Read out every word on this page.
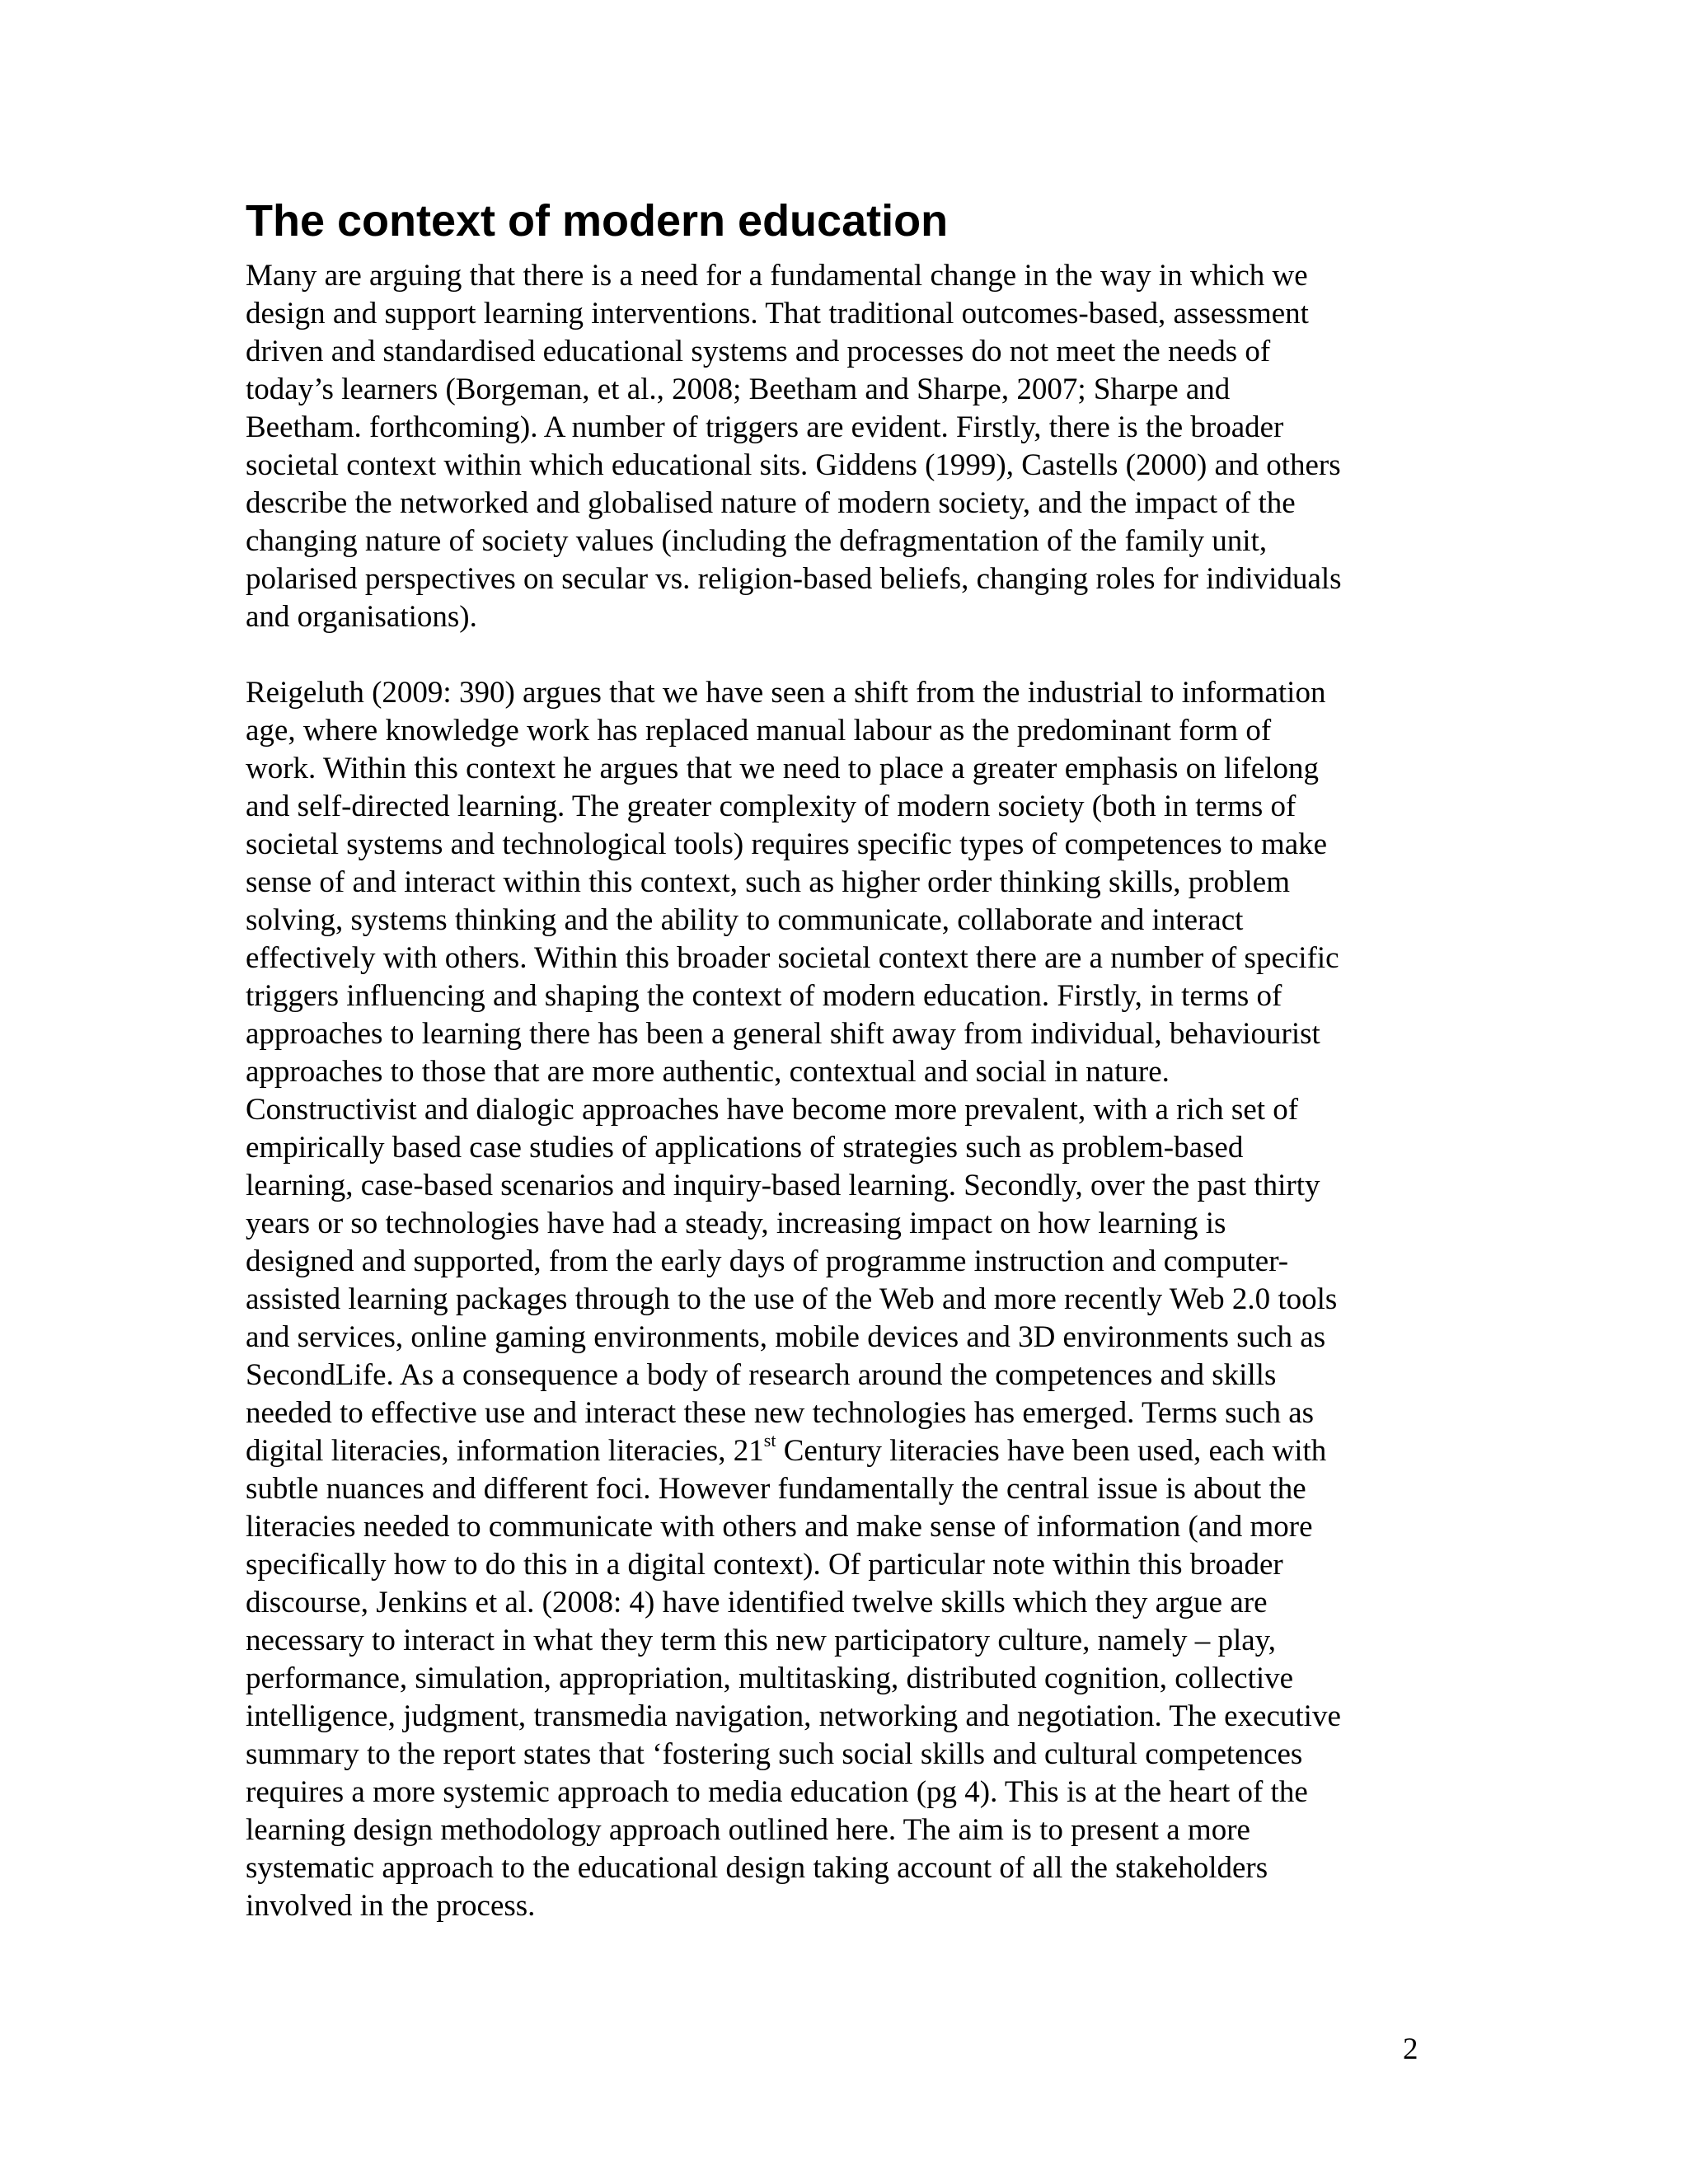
The context of modern education

Many are arguing that there is a need for a fundamental change in the way in which we
design and support learning interventions. That traditional outcomes-based, assessment
driven and standardised educational systems and processes do not meet the needs of
today’s learners (Borgeman, et al., 2008; Beetham and Sharpe, 2007; Sharpe and
Beetham. forthcoming). A number of triggers are evident. Firstly, there is the broader
societal context within which educational sits. Giddens (1999), Castells (2000) and others
describe the networked and globalised nature of modern society, and the impact of the
changing nature of society values (including the defragmentation of the family unit,
polarised perspectives on secular vs. religion-based beliefs, changing roles for individuals
and organisations).

Reigeluth (2009: 390) argues that we have seen a shift from the industrial to information
age, where knowledge work has replaced manual labour as the predominant form of
work. Within this context he argues that we need to place a greater emphasis on lifelong
and self-directed learning. The greater complexity of modern society (both in terms of
societal systems and technological tools) requires specific types of competences to make
sense of and interact within this context, such as higher order thinking skills, problem
solving, systems thinking and the ability to communicate, collaborate and interact
effectively with others. Within this broader societal context there are a number of specific
triggers influencing and shaping the context of modern education. Firstly, in terms of
approaches to learning there has been a general shift away from individual, behaviourist
approaches to those that are more authentic, contextual and social in nature.
Constructivist and dialogic approaches have become more prevalent, with a rich set of
empirically based case studies of applications of strategies such as problem-based
learning, case-based scenarios and inquiry-based learning. Secondly, over the past thirty
years or so technologies have had a steady, increasing impact on how learning is
designed and supported, from the early days of programme instruction and computer-
assisted learning packages through to the use of the Web and more recently Web 2.0 tools
and services, online gaming environments, mobile devices and 3D environments such as
SecondLife. As a consequence a body of research around the competences and skills
needed to effective use and interact these new technologies has emerged. Terms such as
digital literacies, information literacies, 21st Century literacies have been used, each with
subtle nuances and different foci. However fundamentally the central issue is about the
literacies needed to communicate with others and make sense of information (and more
specifically how to do this in a digital context). Of particular note within this broader
discourse, Jenkins et al. (2008: 4) have identified twelve skills which they argue are
necessary to interact in what they term this new participatory culture, namely – play,
performance, simulation, appropriation, multitasking, distributed cognition, collective
intelligence, judgment, transmedia navigation, networking and negotiation. The executive
summary to the report states that ‘fostering such social skills and cultural competences
requires a more systemic approach to media education (pg 4). This is at the heart of the
learning design methodology approach outlined here. The aim is to present a more
systematic approach to the educational design taking account of all the stakeholders
involved in the process.

2
